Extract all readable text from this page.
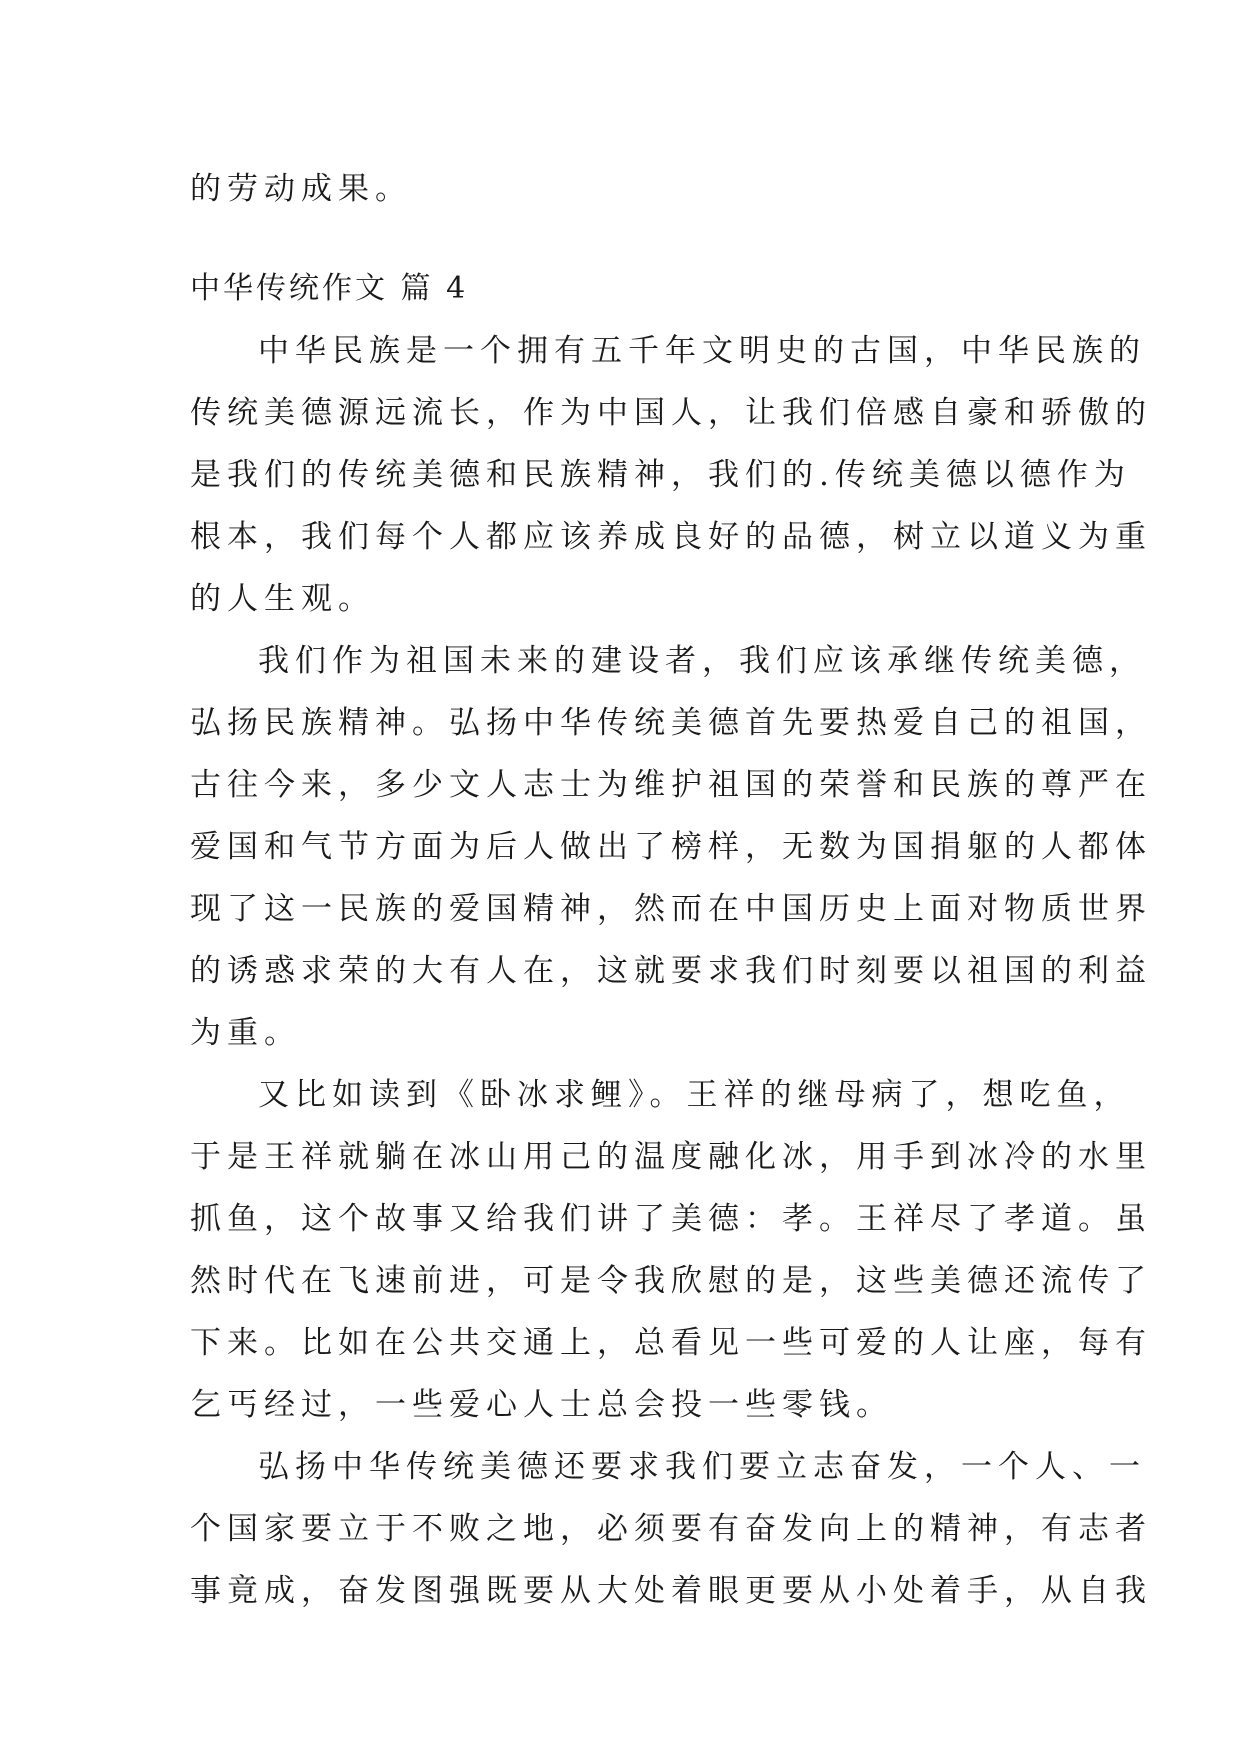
的劳动成果。
中华传统作文 篇 4
中华民族是一个拥有五千年文明史的古国，中华民族的
传统美德源远流长，作为中国人，让我们倍感自豪和骄傲的
是我们的传统美德和民族精神，我们的.传统美德以德作为
根本，我们每个人都应该养成良好的品德，树立以道义为重
的人生观。
我们作为祖国未来的建设者，我们应该承继传统美德，
弘扬民族精神。弘扬中华传统美德首先要热爱自己的祖国，
古往今来，多少文人志士为维护祖国的荣誉和民族的尊严在
爱国和气节方面为后人做出了榜样，无数为国捐躯的人都体
现了这一民族的爱国精神，然而在中国历史上面对物质世界
的诱惑求荣的大有人在，这就要求我们时刻要以祖国的利益
为重。
又比如读到《卧冰求鲤》。王祥的继母病了，想吃鱼，
于是王祥就躺在冰山用己的温度融化冰，用手到冰冷的水里
抓鱼，这个故事又给我们讲了美德：孝。王祥尽了孝道。虽
然时代在飞速前进，可是令我欣慰的是，这些美德还流传了
下来。比如在公共交通上，总看见一些可爱的人让座，每有
乞丐经过，一些爱心人士总会投一些零钱。
弘扬中华传统美德还要求我们要立志奋发，一个人、一
个国家要立于不败之地，必须要有奋发向上的精神，有志者
事竟成，奋发图强既要从大处着眼更要从小处着手，从自我
